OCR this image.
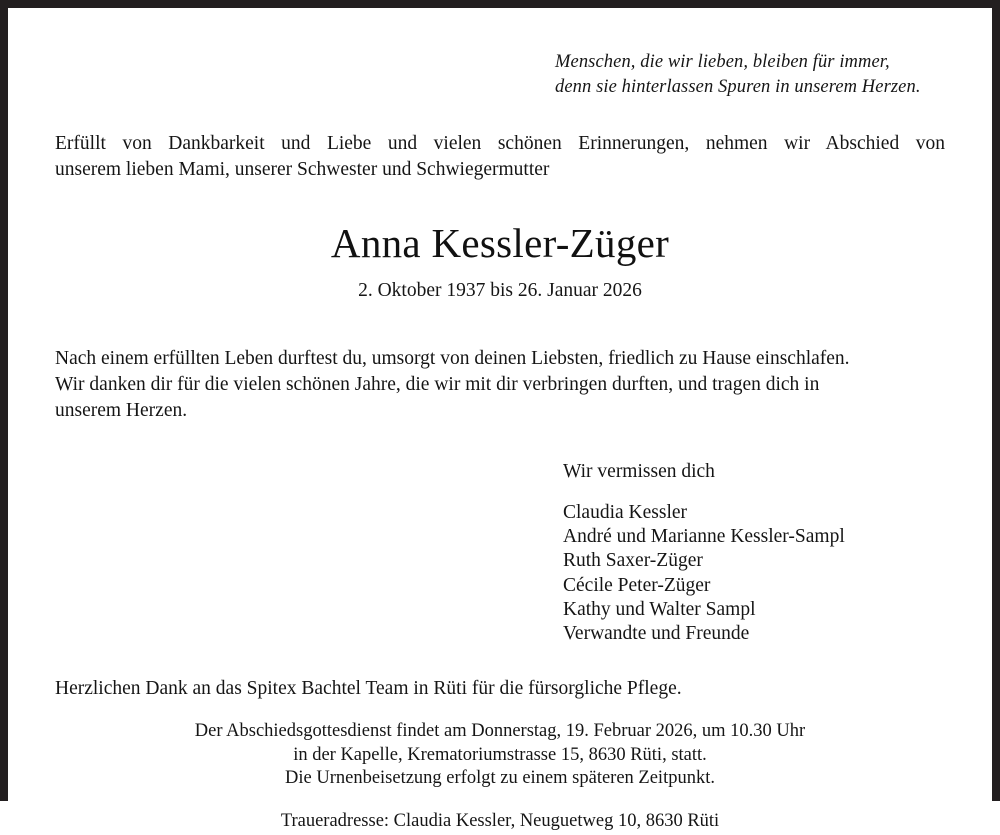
Menschen, die wir lieben, bleiben für immer,
denn sie hinterlassen Spuren in unserem Herzen.
Erfüllt von Dankbarkeit und Liebe und vielen schönen Erinnerungen, nehmen wir Abschied von
unserem lieben Mami, unserer Schwester und Schwiegermutter
Anna Kessler-Züger
2. Oktober 1937 bis 26. Januar 2026
Nach einem erfüllten Leben durftest du, umsorgt von deinen Liebsten, friedlich zu Hause einschlafen.
Wir danken dir für die vielen schönen Jahre, die wir mit dir verbringen durften, und tragen dich in
unserem Herzen.
Wir vermissen dich
Claudia Kessler
André und Marianne Kessler-Sampl
Ruth Saxer-Züger
Cécile Peter-Züger
Kathy und Walter Sampl
Verwandte und Freunde
Herzlichen Dank an das Spitex Bachtel Team in Rüti für die fürsorgliche Pflege.
Der Abschiedsgottesdienst findet am Donnerstag, 19. Februar 2026, um 10.30 Uhr
in der Kapelle, Krematoriumstrasse 15, 8630 Rüti, statt.
Die Urnenbeisetzung erfolgt zu einem späteren Zeitpunkt.
Traueradresse: Claudia Kessler, Neuguetweg 10, 8630 Rüti
